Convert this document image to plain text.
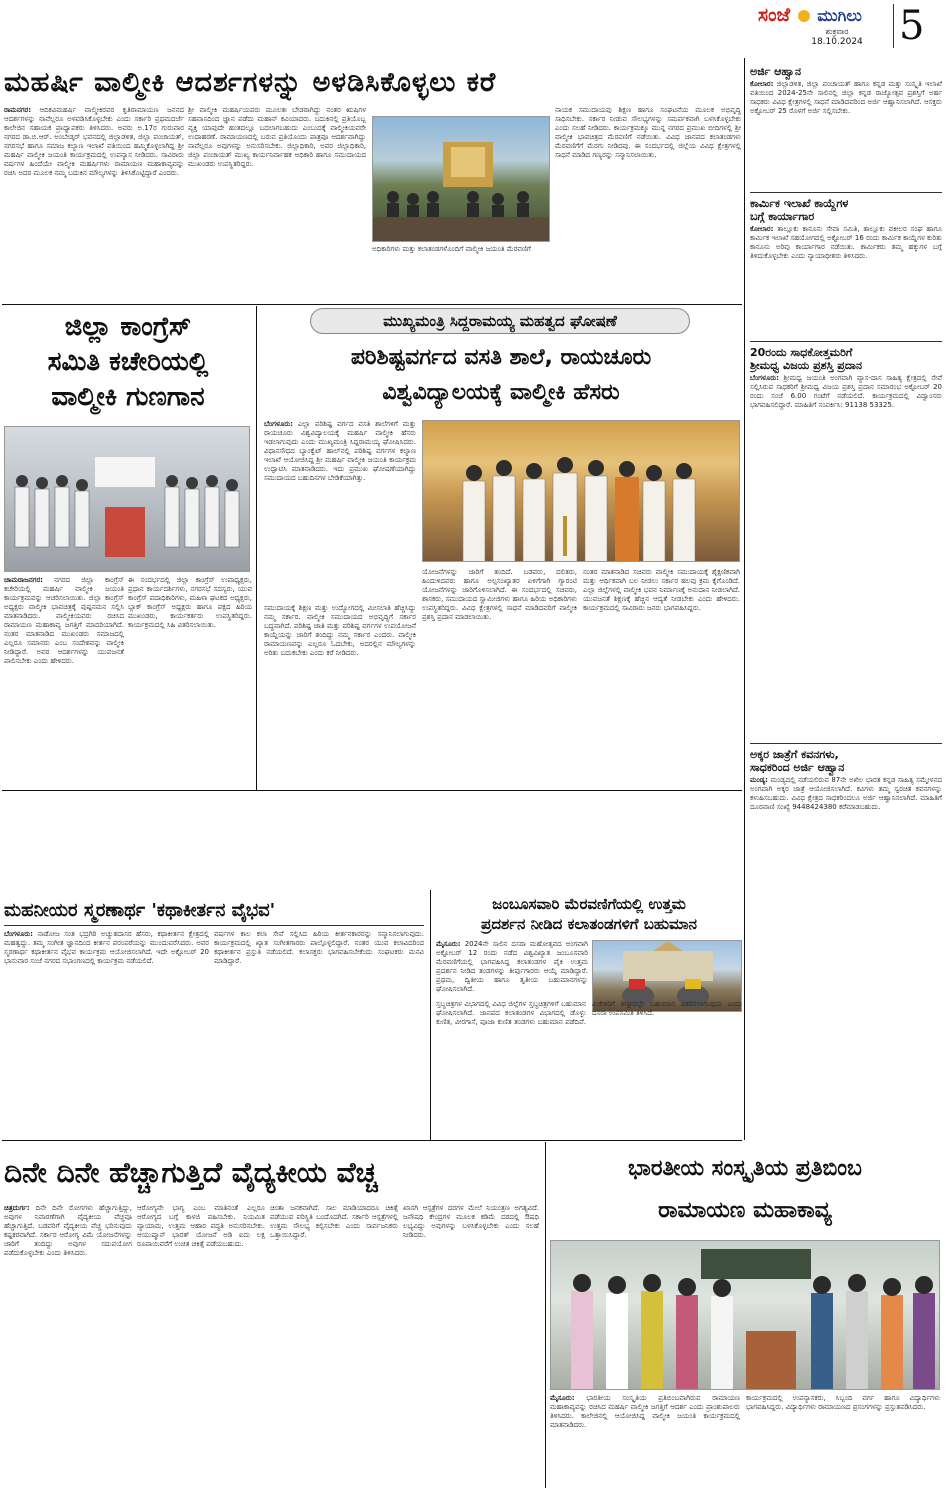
ಸಂಜೆ ಮುಗಿಲು
ಶುಕ್ರವಾರ
18.10.2024 5
ಮಹರ್ಷಿ ವಾಲ್ಮೀಕಿ ಆದರ್ಶಗಳನ್ನು ಅಳಡಿಸಿಕೊಳ್ಳಲು ಕರೆ
ರಾಮನಗರ: ಆದಿಕವಿಮಹರ್ಷಿ ವಾಲ್ಮೀಕಿರವರ ಕೃತಿರಾಮಾಯಣ ಜನನದ ಆದರ್ಶಗಳನ್ನು ನಾವೆಲ್ಲರೂ ಅಳವಡಿಸಿಕೊಳ್ಳಬೇಕು ಎಂದು ಸರ್ಕಾರಿ ಪ್ರಥಮದರ್ಜೆ ಕಾಲೇಜಿನ ಸಹಾಯಕ ಪ್ರಾಧ್ಯಾಪಕರು ತಿಳಿಸಿದರು. ಅವರು ಅ.17ರ ಗುರುವಾರ ನಗರದ ಡಾ.ಬಿ.ಆರ್. ಅಂಬೇಡ್ಕರ್ ಭವನದಲ್ಲಿ ಜಿಲ್ಲಾಡಳಿತ, ಜಿಲ್ಲಾ ಪಂಚಾಯತ್, ನಗರಸಭೆ ಹಾಗೂ ಸಮಾಜ ಕಲ್ಯಾಣ ಇಲಾಖೆ ವತಿಯಿಂದ ಹಮ್ಮಿಕೊಳ್ಳಲಾಗಿದ್ದ ಶ್ರೀ ಮಹರ್ಷಿ ವಾಲ್ಮೀಕಿ ಜಯಂತಿ ಕಾರ್ಯಕ್ರಮದಲ್ಲಿ ಉಪನ್ಯಾಸ ನೀಡಿದರು. ಸಾವಿರಾರು ವರ್ಷಗಳ ಹಿಂದೆಯೇ ವಾಲ್ಮೀಕಿ ಮಹರ್ಷಿಗಳು ರಾಮಾಯಣ ಮಹಾಕಾವ್ಯವನ್ನು ರಚಿಸಿ ಅದರ ಮೂಲಕ ನಮ್ಮ ಬದುಕಿನ ಮೌಲ್ಯಗಳನ್ನು ತಿಳಿಸಿಕೊಟ್ಟಿದ್ದಾರೆ ಎಂದರು.
ಶ್ರೀ ವಾಲ್ಮೀಕಿ ಮಹರ್ಷಿಯವರು ಮೂಲತಃ ಬೇಡರಾಗಿದ್ದು ನಂತರ ಋಷಿಗಳ ಸಹವಾಸದಿಂದ ಜ್ಞಾನ ಪಡೆದು ಮಹಾನ್ ಕವಿಯಾದರು. ಬದುಕಿನಲ್ಲಿ ಪ್ರತಿಯೊಬ್ಬ ವ್ಯಕ್ತಿ ಯಾವುದೇ ಹಂತದಲ್ಲೂ ಬದಲಾಗಬಹುದು ಎಂಬುದಕ್ಕೆ ವಾಲ್ಮೀಕಿಯವರೇ ಉದಾಹರಣೆ. ರಾಮಾಯಣದಲ್ಲಿ ಬರುವ ಪ್ರತಿಯೊಂದು ಪಾತ್ರವೂ ಆದರ್ಶವಾಗಿದ್ದು ನಾವೆಲ್ಲರೂ ಅವುಗಳನ್ನು ಅನುಸರಿಸಬೇಕು. ಜಿಲ್ಲಾಧಿಕಾರಿ, ಅಪರ ಜಿಲ್ಲಾಧಿಕಾರಿ, ಜಿಲ್ಲಾ ಪಂಚಾಯತ್ ಮುಖ್ಯ ಕಾರ್ಯನಿರ್ವಾಹಕ ಅಧಿಕಾರಿ ಹಾಗೂ ಸಮುದಾಯದ ಮುಖಂಡರು ಉಪಸ್ಥಿತರಿದ್ದರು.
ಅಧಿಕಾರಿಗಳು ಮತ್ತು ಕಲಾತಂಡಗಳೊಂದಿಗೆ ವಾಲ್ಮೀಕಿ ಜಯಂತಿ ಮೆರವಣಿಗೆ
ನಾಯಕ ಸಮುದಾಯವು ಶಿಕ್ಷಣ ಹಾಗೂ ಸಂಘಟನೆಯ ಮೂಲಕ ಅಭಿವೃದ್ಧಿ ಸಾಧಿಸಬೇಕು. ಸರ್ಕಾರ ನೀಡುವ ಸೌಲಭ್ಯಗಳನ್ನು ಸಮರ್ಪಕವಾಗಿ ಬಳಸಿಕೊಳ್ಳಬೇಕು ಎಂದು ಸಲಹೆ ನೀಡಿದರು. ಕಾರ್ಯಕ್ರಮಕ್ಕೂ ಮುನ್ನ ನಗರದ ಪ್ರಮುಖ ಬೀದಿಗಳಲ್ಲಿ ಶ್ರೀ ವಾಲ್ಮೀಕಿ ಭಾವಚಿತ್ರದ ಮೆರವಣಿಗೆ ನಡೆಯಿತು. ವಿವಿಧ ಜಾನಪದ ಕಲಾತಂಡಗಳು ಮೆರವಣಿಗೆಗೆ ಮೆರಗು ನೀಡಿದವು. ಈ ಸಂದರ್ಭದಲ್ಲಿ ಜಿಲ್ಲೆಯ ವಿವಿಧ ಕ್ಷೇತ್ರಗಳಲ್ಲಿ ಸಾಧನೆ ಮಾಡಿದ ಗಣ್ಯರನ್ನು ಸನ್ಮಾನಿಸಲಾಯಿತು.
ಜಿಲ್ಲಾ ಕಾಂಗ್ರೆಸ್
ಸಮಿತಿ ಕಚೇರಿಯಲ್ಲಿ
ವಾಲ್ಮೀಕಿ ಗುಣಗಾನ
ಚಾಮರಾಜನಗರ: ನಗರದ ಜಿಲ್ಲಾ ಕಾಂಗ್ರೆಸ್ ಕಚೇರಿಯಲ್ಲಿ ಮಹರ್ಷಿ ವಾಲ್ಮೀಕಿ ಜಯಂತಿ ಕಾರ್ಯಕ್ರಮವನ್ನು ಆಚರಿಸಲಾಯಿತು. ಜಿಲ್ಲಾ ಕಾಂಗ್ರೆಸ್ ಅಧ್ಯಕ್ಷರು ವಾಲ್ಮೀಕಿ ಭಾವಚಿತ್ರಕ್ಕೆ ಪುಷ್ಪನಮನ ಸಲ್ಲಿಸಿ ಮಾತನಾಡಿದರು. ವಾಲ್ಮೀಕಿಯವರು ರಚಿಸಿದ ರಾಮಾಯಣ ಮಹಾಕಾವ್ಯ ಜಗತ್ತಿಗೆ ಮಾದರಿಯಾಗಿದೆ. ನಂತರ ಮಾತನಾಡಿದ ಮುಖಂಡರು ಸಮಾಜದಲ್ಲಿ ಎಲ್ಲರೂ ಸಮಾನರು ಎಂಬ ಸಂದೇಶವನ್ನು ವಾಲ್ಮೀಕಿ ನೀಡಿದ್ದಾರೆ. ಅವರ ಆದರ್ಶಗಳನ್ನು ಯುವಜನತೆ ಪಾಲಿಸಬೇಕು ಎಂದು ಹೇಳಿದರು.
ಈ ಸಂದರ್ಭದಲ್ಲಿ ಜಿಲ್ಲಾ ಕಾಂಗ್ರೆಸ್ ಉಪಾಧ್ಯಕ್ಷರು, ಪ್ರಧಾನ ಕಾರ್ಯದರ್ಶಿಗಳು, ನಗರಸಭೆ ಸದಸ್ಯರು, ಯುವ ಕಾಂಗ್ರೆಸ್ ಪದಾಧಿಕಾರಿಗಳು, ಮಹಿಳಾ ಘಟಕದ ಅಧ್ಯಕ್ಷರು, ಬ್ಲಾಕ್ ಕಾಂಗ್ರೆಸ್ ಅಧ್ಯಕ್ಷರು ಹಾಗೂ ಪಕ್ಷದ ಹಿರಿಯ ಮುಖಂಡರು, ಕಾರ್ಯಕರ್ತರು ಉಪಸ್ಥಿತರಿದ್ದರು. ಕಾರ್ಯಕ್ರಮದಲ್ಲಿ ಸಿಹಿ ವಿತರಿಸಲಾಯಿತು.
ಮುಖ್ಯಮಂತ್ರಿ ಸಿದ್ದರಾಮಯ್ಯ ಮಹತ್ವದ ಘೋಷಣೆ
ಪರಿಶಿಷ್ಟವರ್ಗದ ವಸತಿ ಶಾಲೆ, ರಾಯಚೂರು
ವಿಶ್ವವಿದ್ಯಾಲಯಕ್ಕೆ ವಾಲ್ಮೀಕಿ ಹೆಸರು
ಬೆಂಗಳೂರು: ಎಲ್ಲಾ ಪರಿಶಿಷ್ಟ ವರ್ಗದ ವಸತಿ ಶಾಲೆಗಳಿಗೆ ಮತ್ತು ರಾಯಚೂರು ವಿಶ್ವವಿದ್ಯಾಲಯಕ್ಕೆ ಮಹರ್ಷಿ ವಾಲ್ಮೀಕಿ ಹೆಸರು ಇಡಲಾಗುವುದು ಎಂದು ಮುಖ್ಯಮಂತ್ರಿ ಸಿದ್ದರಾಮಯ್ಯ ಘೋಷಿಸಿದರು. ವಿಧಾನಸೌಧದ ಬ್ಯಾಂಕ್ವೆಟ್ ಹಾಲ್‌ನಲ್ಲಿ ಪರಿಶಿಷ್ಟ ವರ್ಗಗಳ ಕಲ್ಯಾಣ ಇಲಾಖೆ ಆಯೋಜಿಸಿದ್ದ ಶ್ರೀ ಮಹರ್ಷಿ ವಾಲ್ಮೀಕಿ ಜಯಂತಿ ಕಾರ್ಯಕ್ರಮ ಉದ್ಘಾಟಿಸಿ ಮಾತನಾಡಿದರು. ಇದು ಪ್ರಮುಖ ಘೋಷಣೆಯಾಗಿದ್ದು ಸಮುದಾಯದ ಬಹುದಿನಗಳ ಬೇಡಿಕೆಯಾಗಿತ್ತು.
ಸಮುದಾಯಕ್ಕೆ ಶಿಕ್ಷಣ ಮತ್ತು ಉದ್ಯೋಗದಲ್ಲಿ ಮೀಸಲಾತಿ ಹೆಚ್ಚಿಸಿದ್ದು ನಮ್ಮ ಸರ್ಕಾರ. ವಾಲ್ಮೀಕಿ ಸಮುದಾಯದ ಅಭಿವೃದ್ಧಿಗೆ ಸರ್ಕಾರ ಬದ್ಧವಾಗಿದೆ. ಪರಿಶಿಷ್ಟ ಜಾತಿ ಮತ್ತು ಪರಿಶಿಷ್ಟ ವರ್ಗಗಳ ಉಪಯೋಜನೆ ಕಾಯ್ದೆಯನ್ನು ಜಾರಿಗೆ ತಂದಿದ್ದು ನಮ್ಮ ಸರ್ಕಾರ ಎಂದರು. ವಾಲ್ಮೀಕಿ ರಾಮಾಯಣವನ್ನು ಎಲ್ಲರೂ ಓದಬೇಕು, ಅದರಲ್ಲಿನ ಮೌಲ್ಯಗಳನ್ನು ಅರಿತು ಬದುಕಬೇಕು ಎಂದು ಕರೆ ನೀಡಿದರು.
ಯೋಜನೆಗಳನ್ನು ಜಾರಿಗೆ ತಂದಿದೆ. ಬಡವರು, ದಲಿತರು, ಹಿಂದುಳಿದವರು ಹಾಗೂ ಅಲ್ಪಸಂಖ್ಯಾತರ ಏಳಿಗೆಗಾಗಿ ಗ್ಯಾರಂಟಿ ಯೋಜನೆಗಳನ್ನು ಜಾರಿಗೊಳಿಸಲಾಗಿದೆ. ಈ ಸಂದರ್ಭದಲ್ಲಿ ಸಚಿವರು, ಶಾಸಕರು, ಸಮುದಾಯದ ಸ್ವಾಮೀಜಿಗಳು ಹಾಗೂ ಹಿರಿಯ ಅಧಿಕಾರಿಗಳು ಉಪಸ್ಥಿತರಿದ್ದರು. ವಿವಿಧ ಕ್ಷೇತ್ರಗಳಲ್ಲಿ ಸಾಧನೆ ಮಾಡಿದವರಿಗೆ ವಾಲ್ಮೀಕಿ ಪ್ರಶಸ್ತಿ ಪ್ರದಾನ ಮಾಡಲಾಯಿತು.
ನಂತರ ಮಾತನಾಡಿದ ಸಚಿವರು ವಾಲ್ಮೀಕಿ ಸಮುದಾಯಕ್ಕೆ ಶೈಕ್ಷಣಿಕವಾಗಿ ಮತ್ತು ಆರ್ಥಿಕವಾಗಿ ಬಲ ನೀಡಲು ಸರ್ಕಾರ ಹಲವು ಕ್ರಮ ಕೈಗೊಂಡಿದೆ. ಎಲ್ಲಾ ಜಿಲ್ಲೆಗಳಲ್ಲಿ ವಾಲ್ಮೀಕಿ ಭವನ ನಿರ್ಮಾಣಕ್ಕೆ ಅನುದಾನ ನೀಡಲಾಗಿದೆ. ಯುವಜನತೆ ಶಿಕ್ಷಣಕ್ಕೆ ಹೆಚ್ಚಿನ ಆದ್ಯತೆ ನೀಡಬೇಕು ಎಂದು ಹೇಳಿದರು. ಕಾರ್ಯಕ್ರಮದಲ್ಲಿ ಸಾವಿರಾರು ಜನರು ಭಾಗವಹಿಸಿದ್ದರು.
ಮಹನೀಯರ ಸ್ಮರಣಾರ್ಥ 'ಕಥಾಕೀರ್ತನ ವೈಭವ'
ಬೆಂಗಳೂರು: ನಾಡೋಜ ಸಂತ ಭದ್ರಗಿರಿ ಅಚ್ಯುತದಾಸರ ಹೆಸರು, ಕಥಾಕೀರ್ತನ ಕ್ಷೇತ್ರದಲ್ಲಿ ಮಹತ್ವದ್ದು. ತಮ್ಮ ಸಂಗೀತ ಜ್ಞಾನದಿಂದ ಕೀರ್ತನ ಪರಂಪರೆಯನ್ನು ಮುಂದುವರೆಸಿದರು. ಅವರ ಸ್ಮರಣಾರ್ಥ ಕಥಾಕೀರ್ತನ ವೈಭವ ಕಾರ್ಯಕ್ರಮ ಆಯೋಜಿಸಲಾಗಿದೆ. ಇದೇ ಅಕ್ಟೋಬರ್ 20 ಭಾನುವಾರ ಸಂಜೆ ನಗರದ ಸಭಾಂಗಣದಲ್ಲಿ ಕಾರ್ಯಕ್ರಮ ನಡೆಯಲಿದೆ.
ವರ್ಷಗಳ ಕಾಲ ಕಲಾ ಸೇವೆ ಸಲ್ಲಿಸಿದ ಹಿರಿಯ ಕೀರ್ತನಕಾರರನ್ನು ಸನ್ಮಾನಿಸಲಾಗುವುದು. ಕಾರ್ಯಕ್ರಮದಲ್ಲಿ ಖ್ಯಾತ ಸಂಗೀತಗಾರರು ಪಾಲ್ಗೊಳ್ಳಲಿದ್ದಾರೆ. ನಂತರ ಯುವ ಕಲಾವಿದರಿಂದ ಕಥಾಕೀರ್ತನ ಪ್ರಸ್ತುತಿ ನಡೆಯಲಿದೆ. ಕಲಾಸಕ್ತರು ಭಾಗವಹಿಸಬೇಕೆಂದು ಸಂಘಟಕರು ಮನವಿ ಮಾಡಿದ್ದಾರೆ.
ಜಂಬೂಸವಾರಿ ಮೆರವಣಿಗೆಯಲ್ಲಿ ಉತ್ತಮ
ಪ್ರದರ್ಶನ ನೀಡಿದ ಕಲಾತಂಡಗಳಿಗೆ ಬಹುಮಾನ
ಮೈಸೂರು: 2024ನೇ ಸಾಲಿನ ದಸರಾ ಮಹೋತ್ಸವದ ಅಂಗವಾಗಿ ಅಕ್ಟೋಬರ್ 12 ರಂದು ನಡೆದ ವಿಶ್ವವಿಖ್ಯಾತ ಜಂಬೂಸವಾರಿ ಮೆರವಣಿಗೆಯಲ್ಲಿ ಭಾಗವಹಿಸಿದ್ದ ಕಲಾತಂಡಗಳ ಪೈಕಿ ಉತ್ತಮ ಪ್ರದರ್ಶನ ನೀಡಿದ ತಂಡಗಳನ್ನು ತೀರ್ಪುಗಾರರು ಆಯ್ಕೆ ಮಾಡಿದ್ದಾರೆ. ಪ್ರಥಮ, ದ್ವಿತೀಯ ಹಾಗೂ ತೃತೀಯ ಬಹುಮಾನಗಳನ್ನು ಘೋಷಿಸಲಾಗಿದೆ.
ಸ್ತಬ್ಧಚಿತ್ರಗಳ ವಿಭಾಗದಲ್ಲಿ ವಿವಿಧ ಜಿಲ್ಲೆಗಳ ಸ್ತಬ್ಧಚಿತ್ರಗಳಿಗೆ ಬಹುಮಾನ ಘೋಷಿಸಲಾಗಿದೆ. ಜಾನಪದ ಕಲಾತಂಡಗಳ ವಿಭಾಗದಲ್ಲಿ ಡೊಳ್ಳು ಕುಣಿತ, ವೀರಗಾಸೆ, ಪೂಜಾ ಕುಣಿತ ತಂಡಗಳು ಬಹುಮಾನ ಪಡೆದಿವೆ. ವಿಜೇತರಿಗೆ ಶೀಘ್ರದಲ್ಲೇ ಬಹುಮಾನ ವಿತರಿಸಲಾಗುವುದು ಎಂದು ದಸರಾ ಉಪಸಮಿತಿ ತಿಳಿಸಿದೆ.
ದಿನೇ ದಿನೇ ಹೆಚ್ಚಾಗುತ್ತಿದೆ ವೈದ್ಯಕೀಯ ವೆಚ್ಚ
ಚಿತ್ರದುರ್ಗ: ದಿನೇ ದಿನೇ ರೋಗಗಳು ಹೆಚ್ಚಾಗುತ್ತಿದ್ದು, ಅವುಗಳ ನಿವಾರಣೆಗಾಗಿ ವೈದ್ಯಕೀಯ ವೆಚ್ಚವೂ ಹೆಚ್ಚಾಗುತ್ತಿದೆ. ಬಡವರಿಗೆ ವೈದ್ಯಕೀಯ ವೆಚ್ಚ ಭರಿಸುವುದು ಕಷ್ಟಕರವಾಗಿದೆ. ಸರ್ಕಾರ ಆರೋಗ್ಯ ವಿಮೆ ಯೋಜನೆಗಳನ್ನು ಜಾರಿಗೆ ತಂದಿದ್ದು ಅವುಗಳ ಸದುಪಯೋಗ ಪಡೆದುಕೊಳ್ಳಬೇಕು ಎಂದು ತಿಳಿಸಿದರು.
ಆರೋಗ್ಯವೇ ಭಾಗ್ಯ ಎಂಬ ಮಾತಿನಂತೆ ಎಲ್ಲರೂ ಆರೋಗ್ಯದ ಬಗ್ಗೆ ಕಾಳಜಿ ವಹಿಸಬೇಕು. ನಿಯಮಿತ ವ್ಯಾಯಾಮ, ಉತ್ತಮ ಆಹಾರ ಪದ್ಧತಿ ಅನುಸರಿಸಬೇಕು. ಆಯುಷ್ಮಾನ್ ಭಾರತ್ ಯೋಜನೆ ಅಡಿ ಐದು ಲಕ್ಷ ರೂಪಾಯಿವರೆಗೆ ಉಚಿತ ಚಿಕಿತ್ಸೆ ಪಡೆಯಬಹುದು.
ಚಿಂತಾ ಜನಕವಾಗಿದೆ. ಸಾಲ ಮಾಡಿಯಾದರೂ ಚಿಕಿತ್ಸೆ ಪಡೆಯುವ ಪರಿಸ್ಥಿತಿ ಬಂದೊದಗಿದೆ. ಸರ್ಕಾರಿ ಆಸ್ಪತ್ರೆಗಳಲ್ಲಿ ಉತ್ತಮ ಸೌಲಭ್ಯ ಕಲ್ಪಿಸಬೇಕು ಎಂದು ಸಾರ್ವಜನಿಕರು ಒತ್ತಾಯಿಸಿದ್ದಾರೆ.
ಖಾಸಗಿ ಆಸ್ಪತ್ರೆಗಳ ದರಗಳ ಮೇಲೆ ನಿಯಂತ್ರಣ ಅಗತ್ಯವಿದೆ. ಜನೌಷಧಿ ಕೇಂದ್ರಗಳ ಮೂಲಕ ಕಡಿಮೆ ದರದಲ್ಲಿ ಔಷಧಿ ಲಭ್ಯವಿದ್ದು ಅವುಗಳನ್ನು ಬಳಸಿಕೊಳ್ಳಬೇಕು ಎಂದು ಸಲಹೆ ನೀಡಿದರು.
ಭಾರತೀಯ ಸಂಸ್ಕೃತಿಯ ಪ್ರತಿಬಿಂಬ
ರಾಮಾಯಣ ಮಹಾಕಾವ್ಯ
ಮೈಸೂರು: ಭಾರತೀಯ ಸಂಸ್ಕೃತಿಯ ಪ್ರತಿಬಿಂಬವಾಗಿರುವ ರಾಮಾಯಣ ಮಹಾಕಾವ್ಯವನ್ನು ರಚಿಸಿದ ಮಹರ್ಷಿ ವಾಲ್ಮೀಕಿ ಜಗತ್ತಿಗೆ ಆದರ್ಶ ಎಂದು ಪ್ರಾಂಶುಪಾಲರು ತಿಳಿಸಿದರು. ಕಾಲೇಜಿನಲ್ಲಿ ಆಯೋಜಿಸಿದ್ದ ವಾಲ್ಮೀಕಿ ಜಯಂತಿ ಕಾರ್ಯಕ್ರಮದಲ್ಲಿ ಮಾತನಾಡಿದರು.
ಕಾರ್ಯಕ್ರಮದಲ್ಲಿ ಉಪನ್ಯಾಸಕರು, ಸಿಬ್ಬಂದಿ ವರ್ಗ ಹಾಗೂ ವಿದ್ಯಾರ್ಥಿಗಳು ಭಾಗವಹಿಸಿದ್ದರು. ವಿದ್ಯಾರ್ಥಿಗಳು ರಾಮಾಯಣದ ಪ್ರಸಂಗಗಳನ್ನು ಪ್ರಸ್ತುತಪಡಿಸಿದರು.
ಅರ್ಜಿ ಆಹ್ವಾನ
ಕೋಲಾರ: ಜಿಲ್ಲಾಡಳಿತ, ಜಿಲ್ಲಾ ಪಂಚಾಯತ್ ಹಾಗೂ ಕನ್ನಡ ಮತ್ತು ಸಂಸ್ಕೃತಿ ಇಲಾಖೆ ವತಿಯಿಂದ 2024-25ನೇ ಸಾಲಿನಲ್ಲಿ ಜಿಲ್ಲಾ ಕನ್ನಡ ರಾಜ್ಯೋತ್ಸವ ಪ್ರಶಸ್ತಿಗೆ ಅರ್ಹ ಸಾಧಕರು ವಿವಿಧ ಕ್ಷೇತ್ರಗಳಲ್ಲಿ ಸಾಧನೆ ಮಾಡಿದವರಿಂದ ಅರ್ಜಿ ಆಹ್ವಾನಿಸಲಾಗಿದೆ. ಆಸಕ್ತರು ಅಕ್ಟೋಬರ್ 25 ರೊಳಗೆ ಅರ್ಜಿ ಸಲ್ಲಿಸಬೇಕು.
ಕಾರ್ಮಿಕ ಇಲಾಖೆ ಕಾಯ್ದೆಗಳ
ಬಗ್ಗೆ ಕಾರ್ಯಾಗಾರ
ಕೋಲಾರ: ತಾಲ್ಲೂಕು ಕಾನೂನು ಸೇವಾ ಸಮಿತಿ, ತಾಲ್ಲೂಕು ವಕೀಲರ ಸಂಘ ಹಾಗೂ ಕಾರ್ಮಿಕ ಇಲಾಖೆ ಸಹಯೋಗದಲ್ಲಿ ಅಕ್ಟೋಬರ್ 16 ರಂದು ಕಾರ್ಮಿಕ ಕಾಯ್ದೆಗಳ ಕುರಿತು ಕಾನೂನು ಅರಿವು ಕಾರ್ಯಾಗಾರ ನಡೆಯಿತು. ಕಾರ್ಮಿಕರು ತಮ್ಮ ಹಕ್ಕುಗಳ ಬಗ್ಗೆ ತಿಳಿದುಕೊಳ್ಳಬೇಕು ಎಂದು ನ್ಯಾಯಾಧೀಶರು ತಿಳಿಸಿದರು.
20ರಂದು ಸಾಧಕೋತ್ತಮರಿಗೆ
ಶ್ರೀಮಧ್ವ ವಿಜಯ ಪ್ರಶಸ್ತಿ ಪ್ರದಾನ
ಬೆಂಗಳೂರು: ಶ್ರೀಮಧ್ವ ಜಯಂತಿ ಅಂಗವಾಗಿ ವ್ಯಾಸ-ದಾಸ ಸಾಹಿತ್ಯ ಕ್ಷೇತ್ರದಲ್ಲಿ ಸೇವೆ ಸಲ್ಲಿಸಿರುವ ಸಾಧಕರಿಗೆ ಶ್ರೀಮಧ್ವ ವಿಜಯ ಪ್ರಶಸ್ತಿ ಪ್ರದಾನ ಸಮಾರಂಭ ಅಕ್ಟೋಬರ್ 20 ರಂದು ಸಂಜೆ 6.00 ಗಂಟೆಗೆ ನಡೆಯಲಿದೆ. ಕಾರ್ಯಕ್ರಮದಲ್ಲಿ ವಿದ್ವಾಂಸರು ಭಾಗವಹಿಸಲಿದ್ದಾರೆ. ಮಾಹಿತಿಗೆ ಸಂಪರ್ಕಿಸಿ: 91138 53325.
ಅಕ್ಕರ ಜಾತ್ರೆಗೆ ಕವನಗಳು,
ಸಾಧಕರಿಂದ ಅರ್ಜಿ ಆಹ್ವಾನ
ಮಂಡ್ಯ: ಮಂಡ್ಯದಲ್ಲಿ ನಡೆಯಲಿರುವ 87ನೇ ಅಖಿಲ ಭಾರತ ಕನ್ನಡ ಸಾಹಿತ್ಯ ಸಮ್ಮೇಳನದ ಅಂಗವಾಗಿ ಅಕ್ಕರ ಜಾತ್ರೆ ಆಯೋಜಿಸಲಾಗಿದೆ. ಕವಿಗಳು ತಮ್ಮ ಸ್ವರಚಿತ ಕವನಗಳನ್ನು ಕಳುಹಿಸಬಹುದು. ವಿವಿಧ ಕ್ಷೇತ್ರದ ಸಾಧಕರಿಂದಲೂ ಅರ್ಜಿ ಆಹ್ವಾನಿಸಲಾಗಿದೆ. ಮಾಹಿತಿಗೆ ದೂರವಾಣಿ ಸಂಖ್ಯೆ 9448424380 ಕರೆಮಾಡಬಹುದು.
